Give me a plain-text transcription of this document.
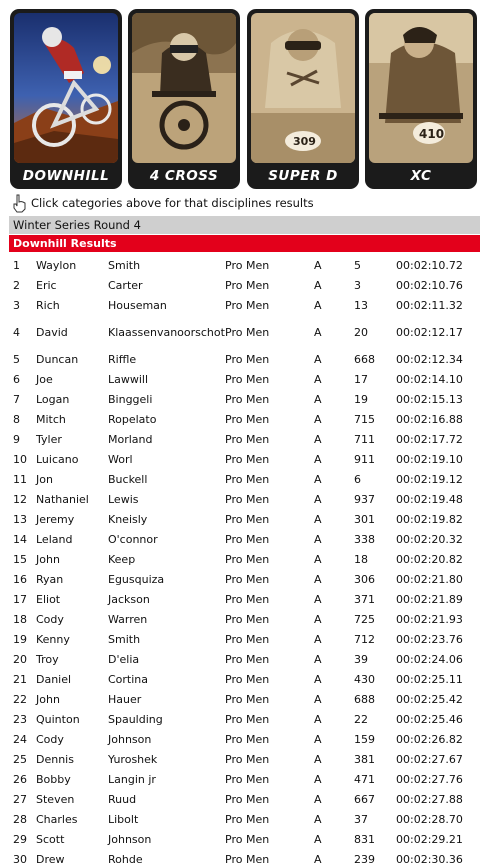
DOWNHILL	4 CROSS
309
SUPER D
410
XC
Click categories above for that disciplines results
Winter Series Round 4
Downhill Results
1 Waylon	Smith	Pro Men	A	5	00:02:10.72
2 Eric	Carter	Pro Men	A	3	00:02:10.76
3 Rich	Houseman	Pro Men	A	13	00:02:11.32
4 David	Klaassenvanoorschot Pro Men	A	20	00:02:12.17
5 Duncan	Riffle	Pro Men	A	668 00:02:12.34
6 Joe	Lawwill	Pro Men	A	17	00:02:14.10
7 Logan	Binggeli	Pro Men	A	19	00:02:15.13
8 Mitch	Ropelato	Pro Men	A	715 00:02:16.88
9 Tyler	Morland	Pro Men	A	711 00:02:17.72
10 Luicano	Worl	Pro Men	A	911 00:02:19.10
11 Jon	Buckell	Pro Men	A	6	00:02:19.12
12 Nathaniel Lewis	Pro Men	A	937 00:02:19.48
13 Jeremy	Kneisly	Pro Men	A	301 00:02:19.82
14 Leland	O'connor	Pro Men	A	338 00:02:20.32
15 John	Keep	Pro Men	A	18	00:02:20.82
16 Ryan	Egusquiza	Pro Men	A	306 00:02:21.80
17 Eliot	Jackson	Pro Men	A	371 00:02:21.89
18 Cody	Warren	Pro Men	A	725 00:02:21.93
19 Kenny	Smith	Pro Men	A	712 00:02:23.76
20 Troy	D'elia	Pro Men	A	39	00:02:24.06
21 Daniel	Cortina	Pro Men	A	430 00:02:25.11
22 John	Hauer	Pro Men	A	688 00:02:25.42
23 Quinton	Spaulding	Pro Men	A	22	00:02:25.46
24 Cody	Johnson	Pro Men	A	159 00:02:26.82
25 Dennis	Yuroshek	Pro Men	A	381 00:02:27.67
26 Bobby	Langin jr	Pro Men	A	471 00:02:27.76
27 Steven	Ruud	Pro Men	A	667 00:02:27.88
28 Charles	Libolt	Pro Men	A	37	00:02:28.70
29 Scott	Johnson	Pro Men	A	831 00:02:29.21
30 Drew	Rohde	Pro Men	A	239 00:02:30.36
